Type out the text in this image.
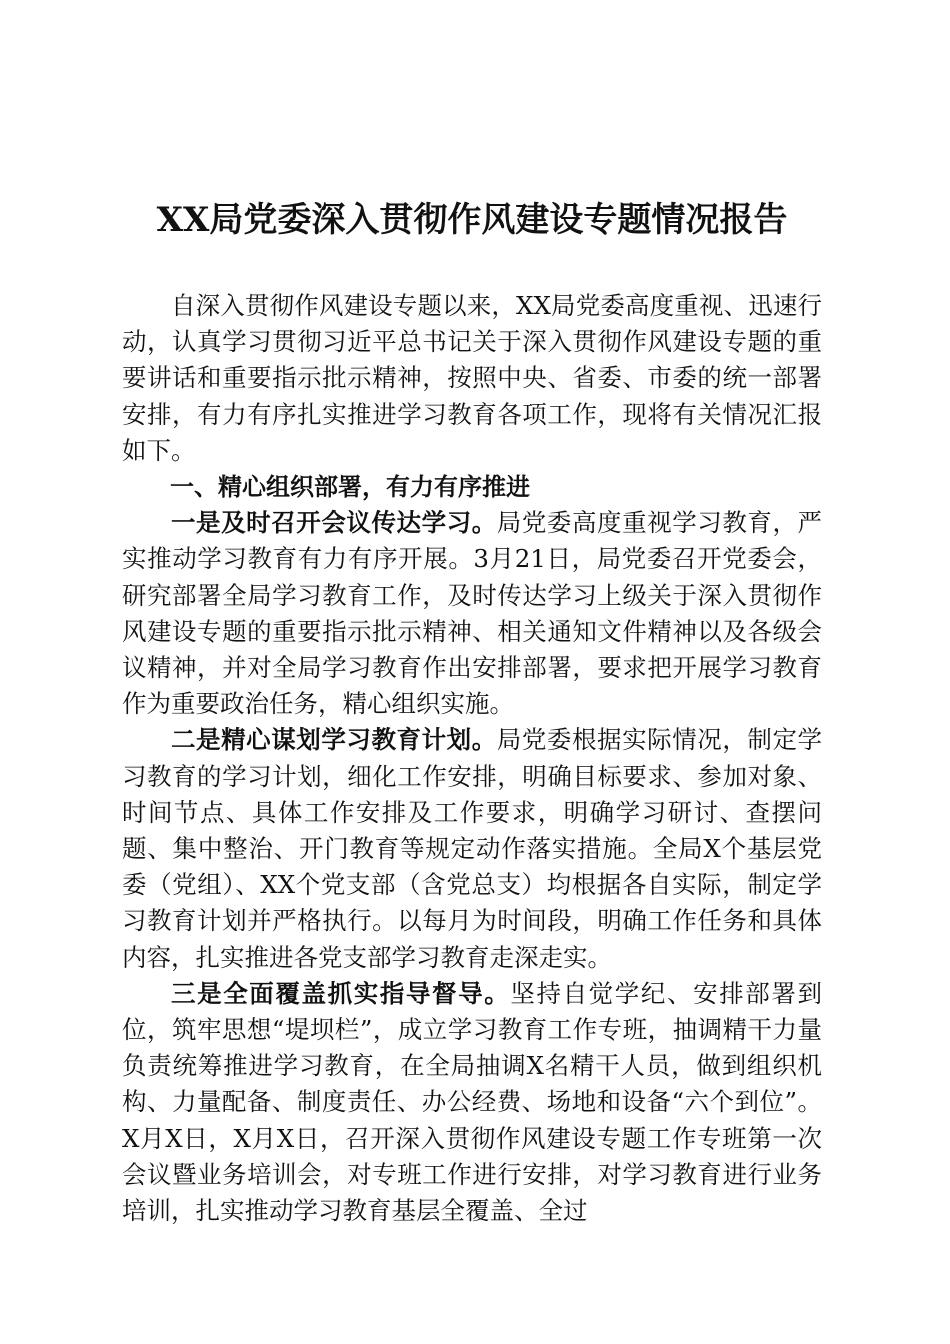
XX局党委深入贯彻作风建设专题情况报告

自深入贯彻作风建设专题以来，XX局党委高度重视、迅速行动，认真学习贯彻习近平总书记关于深入贯彻作风建设专题的重要讲话和重要指示批示精神，按照中央、省委、市委的统一部署安排，有力有序扎实推进学习教育各项工作，现将有关情况汇报如下。

一、精心组织部署，有力有序推进

一是及时召开会议传达学习。局党委高度重视学习教育，严实推动学习教育有力有序开展。3月21日，局党委召开党委会，研究部署全局学习教育工作，及时传达学习上级关于深入贯彻作风建设专题的重要指示批示精神、相关通知文件精神以及各级会议精神，并对全局学习教育作出安排部署，要求把开展学习教育作为重要政治任务，精心组织实施。

二是精心谋划学习教育计划。局党委根据实际情况，制定学习教育的学习计划，细化工作安排，明确目标要求、参加对象、时间节点、具体工作安排及工作要求，明确学习研讨、查摆问题、集中整治、开门教育等规定动作落实措施。全局X个基层党委（党组）、XX个党支部（含党总支）均根据各自实际，制定学习教育计划并严格执行。以每月为时间段，明确工作任务和具体内容，扎实推进各党支部学习教育走深走实。

三是全面覆盖抓实指导督导。坚持自觉学纪、安排部署到位，筑牢思想“堤坝栏”，成立学习教育工作专班，抽调精干力量负责统筹推进学习教育，在全局抽调X名精干人员，做到组织机构、力量配备、制度责任、办公经费、场地和设备“六个到位”。X月X日，X月X日，召开深入贯彻作风建设专题工作专班第一次会议暨业务培训会，对专班工作进行安排，对学习教育进行业务培训，扎实推动学习教育基层全覆盖、全过
